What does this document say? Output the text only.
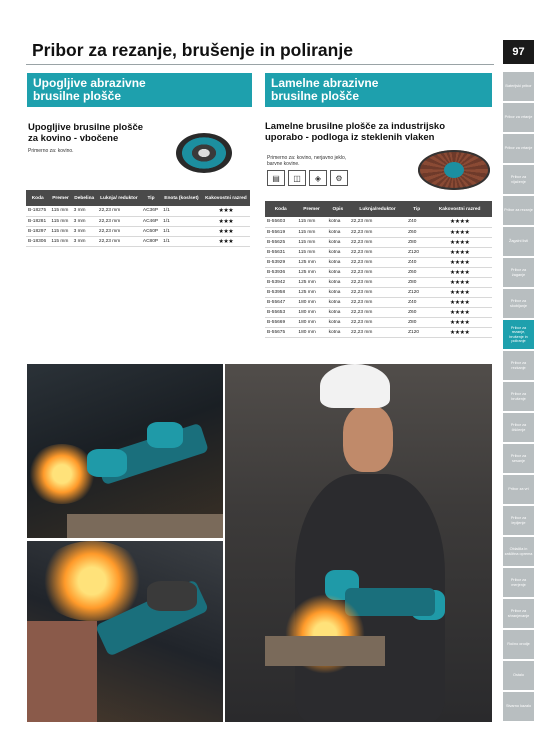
Pribor za rezanje, brušenje in poliranje	97
Upogljive abrazivne
brusilne plošče
Upogljive brusilne plošče
za kovino - vbočene
Primerno za: kovino.
Koda	Premer	Debelina	Luknja/ reduktor	Tip	Enota (kos/set)	Kakovostni razred
B-18275	115 mm	3 mm	22,23 mm	AC36P	1/1	★★★
B-18281	115 mm	3 mm	22,23 mm	AC46P	1/1	★★★
B-18297	115 mm	3 mm	22,23 mm	AC60P	1/1	★★★
B-18306	115 mm	3 mm	22,23 mm	AC80P	1/1	★★★
Lamelne abrazivne
brusilne plošče
Lamelne brusilne plošče za industrijsko
uporabo - podloga iz steklenih vlaken
Primerno za: kovino, nerjavno jeklo, barvne kovine.
▤	◫	◈	⚙
Koda	Premer	Opis	Luknja/reduktor	Tip	Kakovostni razred
B-55603	115 mm	kotna	22,23 mm	Z40	★★★★
B-55619	115 mm	kotna	22,23 mm	Z60	★★★★
B-55625	115 mm	kotna	22,23 mm	Z80	★★★★
B-55631	115 mm	kotna	22,23 mm	Z120	★★★★
B-53929	125 mm	kotna	22,23 mm	Z40	★★★★
B-53936	125 mm	kotna	22,23 mm	Z60	★★★★
B-53942	125 mm	kotna	22,23 mm	Z80	★★★★
B-53958	125 mm	kotna	22,23 mm	Z120	★★★★
B-55647	180 mm	kotna	22,23 mm	Z40	★★★★
B-55653	180 mm	kotna	22,23 mm	Z60	★★★★
B-55669	180 mm	kotna	22,23 mm	Z80	★★★★
B-55675	180 mm	kotna	22,23 mm	Z120	★★★★
Baterijski pribor
Pribor za vrtanje
Pribor za vrtanje
Pribor za vijačenje
Pribor za rezanje
Žagalni listi
Pribor za žaganje
Pribor za skobljanje
Pribor za rezanje, brušenje in poliranje
Pribor za rezkanje
Pribor za brušenje
Pribor za čiščenje
Pribor za sesanje
Pribor za vrt
Pribor za lepljenje
Oblačila in zaščitna oprema
Pribor za merjenje
Pribor za shranjevanje
Ročno orodje
Ostalo
Stvarno kazalo
